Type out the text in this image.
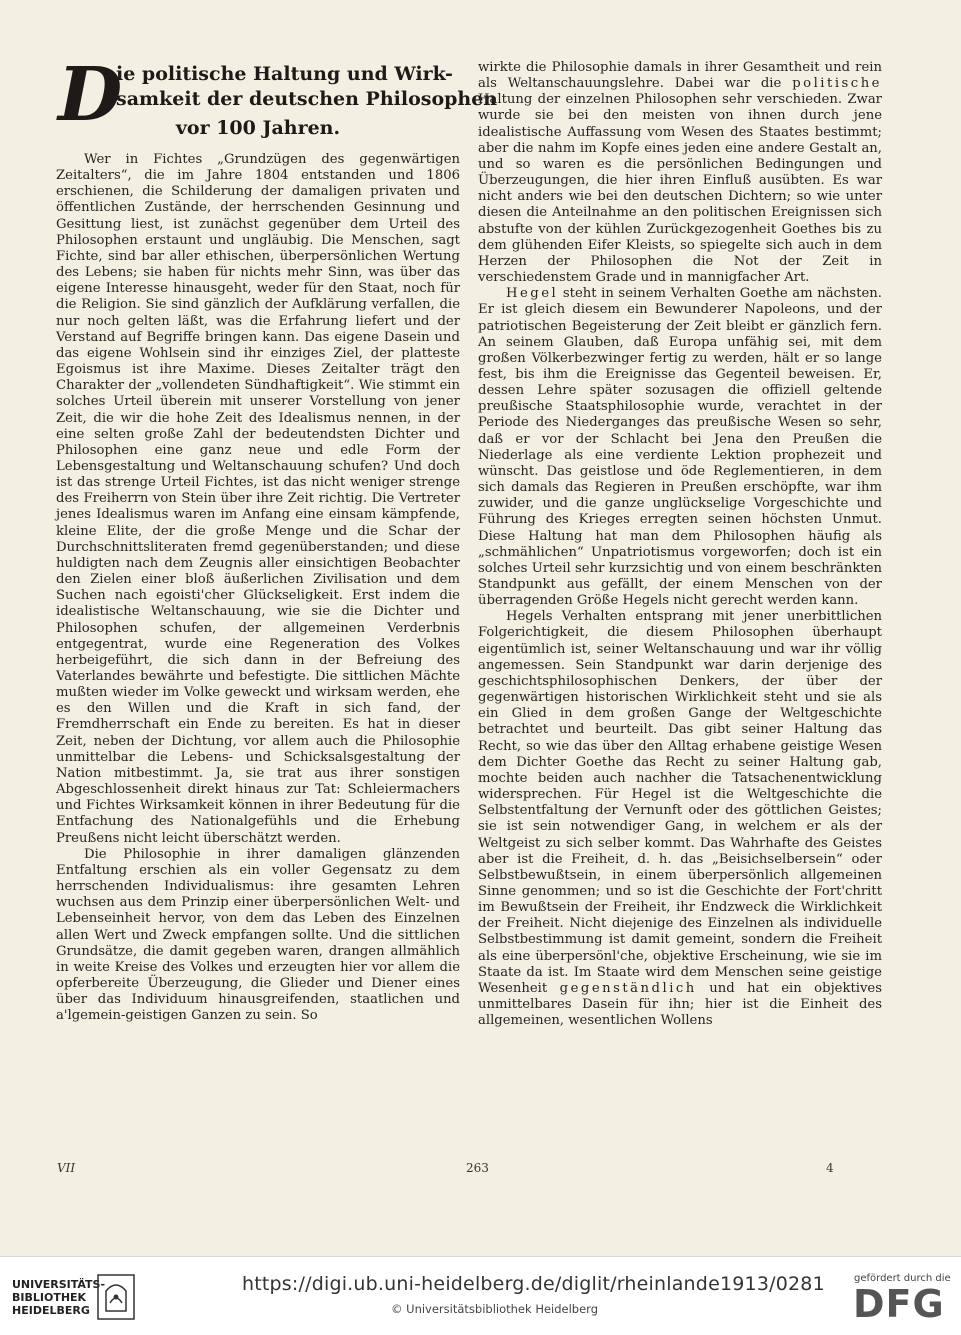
D
ie politische Haltung und Wirk-
samkeit der deutschen Philosophen
vor 100 Jahren.

Wer in Fichtes „Grundzügen des gegenwärtigen Zeitalters“, die im Jahre 1804 entstanden und 1806 erschienen, die Schilderung der damaligen privaten und öffentlichen Zustände, der herrschenden Gesinnung und Gesittung liest, ist zunächst gegenüber dem Urteil des Philosophen erstaunt und ungläubig. Die Menschen, sagt Fichte, sind bar aller ethischen, überpersönlichen Wertung des Lebens; sie haben für nichts mehr Sinn, was über das eigene Interesse hinausgeht, weder für den Staat, noch für die Religion. Sie sind gänzlich der Aufklärung verfallen, die nur noch gelten läßt, was die Erfahrung liefert und der Verstand auf Begriffe bringen kann. Das eigene Dasein und das eigene Wohlsein sind ihr einziges Ziel, der platteste Egoismus ist ihre Maxime. Dieses Zeitalter trägt den Charakter der „vollendeten Sündhaftigkeit“. Wie stimmt ein solches Urteil überein mit unserer Vorstellung von jener Zeit, die wir die hohe Zeit des Idealismus nennen, in der eine selten große Zahl der bedeutendsten Dichter und Philosophen eine ganz neue und edle Form der Lebensgestaltung und Weltanschauung schufen? Und doch ist das strenge Urteil Fichtes, ist das nicht weniger strenge des Freiherrn von Stein über ihre Zeit richtig. Die Vertreter jenes Idealismus waren im Anfang eine einsam kämpfende, kleine Elite, der die große Menge und die Schar der Durchschnittsliteraten fremd gegenüberstanden; und diese huldigten nach dem Zeugnis aller einsichtigen Beobachter den Zielen einer bloß äußerlichen Zivilisation und dem Suchen nach egoisti'cher Glückseligkeit. Erst indem die idealistische Weltanschauung, wie sie die Dichter und Philosophen schufen, der allgemeinen Verderbnis entgegentrat, wurde eine Regeneration des Volkes herbeigeführt, die sich dann in der Befreiung des Vaterlandes bewährte und befestigte. Die sittlichen Mächte mußten wieder im Volke geweckt und wirksam werden, ehe es den Willen und die Kraft in sich fand, der Fremdherrschaft ein Ende zu bereiten. Es hat in dieser Zeit, neben der Dichtung, vor allem auch die Philosophie unmittelbar die Lebens- und Schicksalsgestaltung der Nation mitbestimmt. Ja, sie trat aus ihrer sonstigen Abgeschlossenheit direkt hinaus zur Tat: Schleiermachers und Fichtes Wirksamkeit können in ihrer Bedeutung für die Entfachung des Nationalgefühls und die Erhebung Preußens nicht leicht überschätzt werden.

Die Philosophie in ihrer damaligen glänzenden Entfaltung erschien als ein voller Gegensatz zu dem herrschenden Individualismus: ihre gesamten Lehren wuchsen aus dem Prinzip einer überpersönlichen Welt- und Lebenseinheit hervor, von dem das Leben des Einzelnen allen Wert und Zweck empfangen sollte. Und die sittlichen Grundsätze, die damit gegeben waren, drangen allmählich in weite Kreise des Volkes und erzeugten hier vor allem die opferbereite Überzeugung, die Glieder und Diener eines über das Individuum hinausgreifenden, staatlichen und a'lgemein-geistigen Ganzen zu sein. So

wirkte die Philosophie damals in ihrer Gesamtheit und rein als Weltanschauungslehre. Dabei war die politische Haltung der einzelnen Philosophen sehr verschieden. Zwar wurde sie bei den meisten von ihnen durch jene idealistische Auffassung vom Wesen des Staates bestimmt; aber die nahm im Kopfe eines jeden eine andere Gestalt an, und so waren es die persönlichen Bedingungen und Überzeugungen, die hier ihren Einfluß ausübten. Es war nicht anders wie bei den deutschen Dichtern; so wie unter diesen die Anteilnahme an den politischen Ereignissen sich abstufte von der kühlen Zurückgezogenheit Goethes bis zu dem glühenden Eifer Kleists, so spiegelte sich auch in dem Herzen der Philosophen die Not der Zeit in verschiedenstem Grade und in mannigfacher Art.

Hegel steht in seinem Verhalten Goethe am nächsten. Er ist gleich diesem ein Bewunderer Napoleons, und der patriotischen Begeisterung der Zeit bleibt er gänzlich fern. An seinem Glauben, daß Europa unfähig sei, mit dem großen Völkerbezwinger fertig zu werden, hält er so lange fest, bis ihm die Ereignisse das Gegenteil beweisen. Er, dessen Lehre später sozusagen die offiziell geltende preußische Staatsphilosophie wurde, verachtet in der Periode des Niederganges das preußische Wesen so sehr, daß er vor der Schlacht bei Jena den Preußen die Niederlage als eine verdiente Lektion prophezeit und wünscht. Das geistlose und öde Reglementieren, in dem sich damals das Regieren in Preußen erschöpfte, war ihm zuwider, und die ganze unglückselige Vorgeschichte und Führung des Krieges erregten seinen höchsten Unmut. Diese Haltung hat man dem Philosophen häufig als „schmählichen“ Unpatriotismus vorgeworfen; doch ist ein solches Urteil sehr kurzsichtig und von einem beschränkten Standpunkt aus gefällt, der einem Menschen von der überragenden Größe Hegels nicht gerecht werden kann.

Hegels Verhalten entsprang mit jener unerbittlichen Folgerichtigkeit, die diesem Philosophen überhaupt eigentümlich ist, seiner Weltanschauung und war ihr völlig angemessen. Sein Standpunkt war darin derjenige des geschichtsphilosophischen Denkers, der über der gegenwärtigen historischen Wirklichkeit steht und sie als ein Glied in dem großen Gange der Weltgeschichte betrachtet und beurteilt. Das gibt seiner Haltung das Recht, so wie das über den Alltag erhabene geistige Wesen dem Dichter Goethe das Recht zu seiner Haltung gab, mochte beiden auch nachher die Tatsachenentwicklung widersprechen. Für Hegel ist die Weltgeschichte die Selbstentfaltung der Vernunft oder des göttlichen Geistes; sie ist sein notwendiger Gang, in welchem er als der Weltgeist zu sich selber kommt. Das Wahrhafte des Geistes aber ist die Freiheit, d. h. das „Beisichselbersein“ oder Selbstbewußtsein, in einem überpersönlich allgemeinen Sinne genommen; und so ist die Geschichte der Fort'chritt im Bewußtsein der Freiheit, ihr Endzweck die Wirklichkeit der Freiheit. Nicht diejenige des Einzelnen als individuelle Selbstbestimmung ist damit gemeint, sondern die Freiheit als eine überpersönl'che, objektive Erscheinung, wie sie im Staate da ist. Im Staate wird dem Menschen seine geistige Wesenheit gegenständlich und hat ein objektives unmittelbares Dasein für ihn; hier ist die Einheit des allgemeinen, wesentlichen Wollens

VII	263	4
UNIVERSITÄTS-
BIBLIOTHEK
HEIDELBERG
https://digi.ub.uni-heidelberg.de/diglit/rheinlande1913/0281
© Universitätsbibliothek Heidelberg
gefördert durch die
DFG
